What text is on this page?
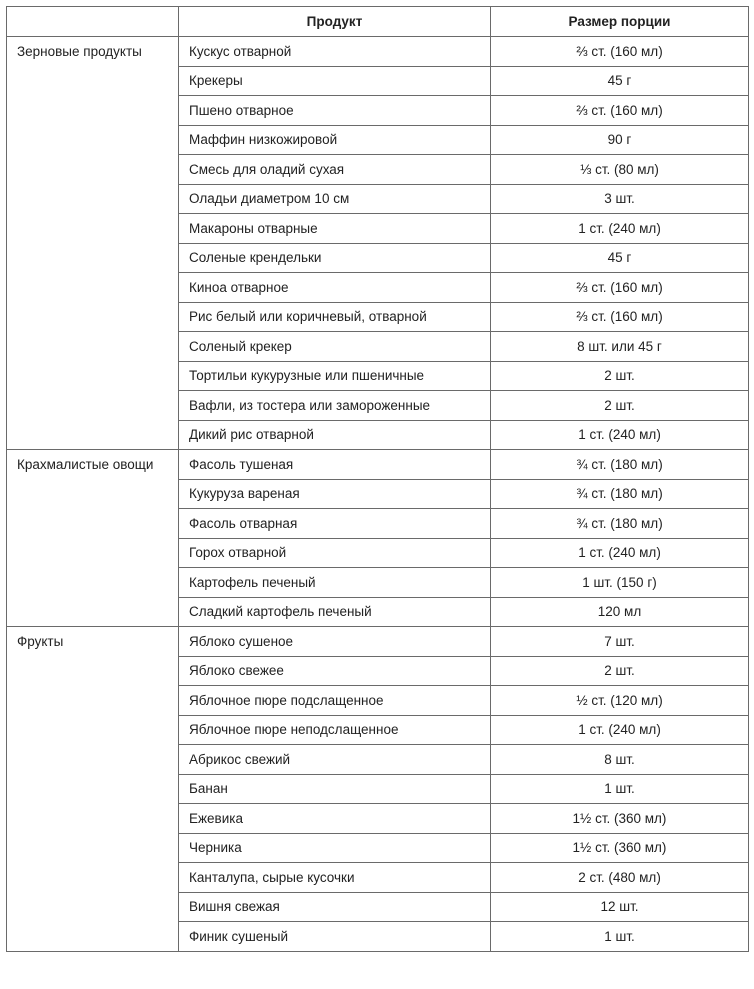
	Продукт	Размер порции
Зерновые продукты	Кускус отварной	⅔ ст. (160 мл)
	Крекеры	45 г
	Пшено отварное	⅔ ст. (160 мл)
	Маффин низкожировой	90 г
	Смесь для оладий сухая	⅓ ст. (80 мл)
	Оладьи диаметром 10 см	3 шт.
	Макароны отварные	1 ст. (240 мл)
	Соленые крендельки	45 г
	Киноа отварное	⅔ ст. (160 мл)
	Рис белый или коричневый, отварной	⅔ ст. (160 мл)
	Соленый крекер	8 шт. или 45 г
	Тортильи кукурузные или пшеничные	2 шт.
	Вафли, из тостера или замороженные	2 шт.
	Дикий рис отварной	1 ст. (240 мл)
Крахмалистые овощи	Фасоль тушеная	¾ ст. (180 мл)
	Кукуруза вареная	¾ ст. (180 мл)
	Фасоль отварная	¾ ст. (180 мл)
	Горох отварной	1 ст. (240 мл)
	Картофель печеный	1 шт. (150 г)
	Сладкий картофель печеный	120 мл
Фрукты	Яблоко сушеное	7 шт.
	Яблоко свежее	2 шт.
	Яблочное пюре подслащенное	½ ст. (120 мл)
	Яблочное пюре неподслащенное	1 ст. (240 мл)
	Абрикос свежий	8 шт.
	Банан	1 шт.
	Ежевика	1½ ст. (360 мл)
	Черника	1½ ст. (360 мл)
	Канталупа, сырые кусочки	2 ст. (480 мл)
	Вишня свежая	12 шт.
	Финик сушеный	1 шт.
